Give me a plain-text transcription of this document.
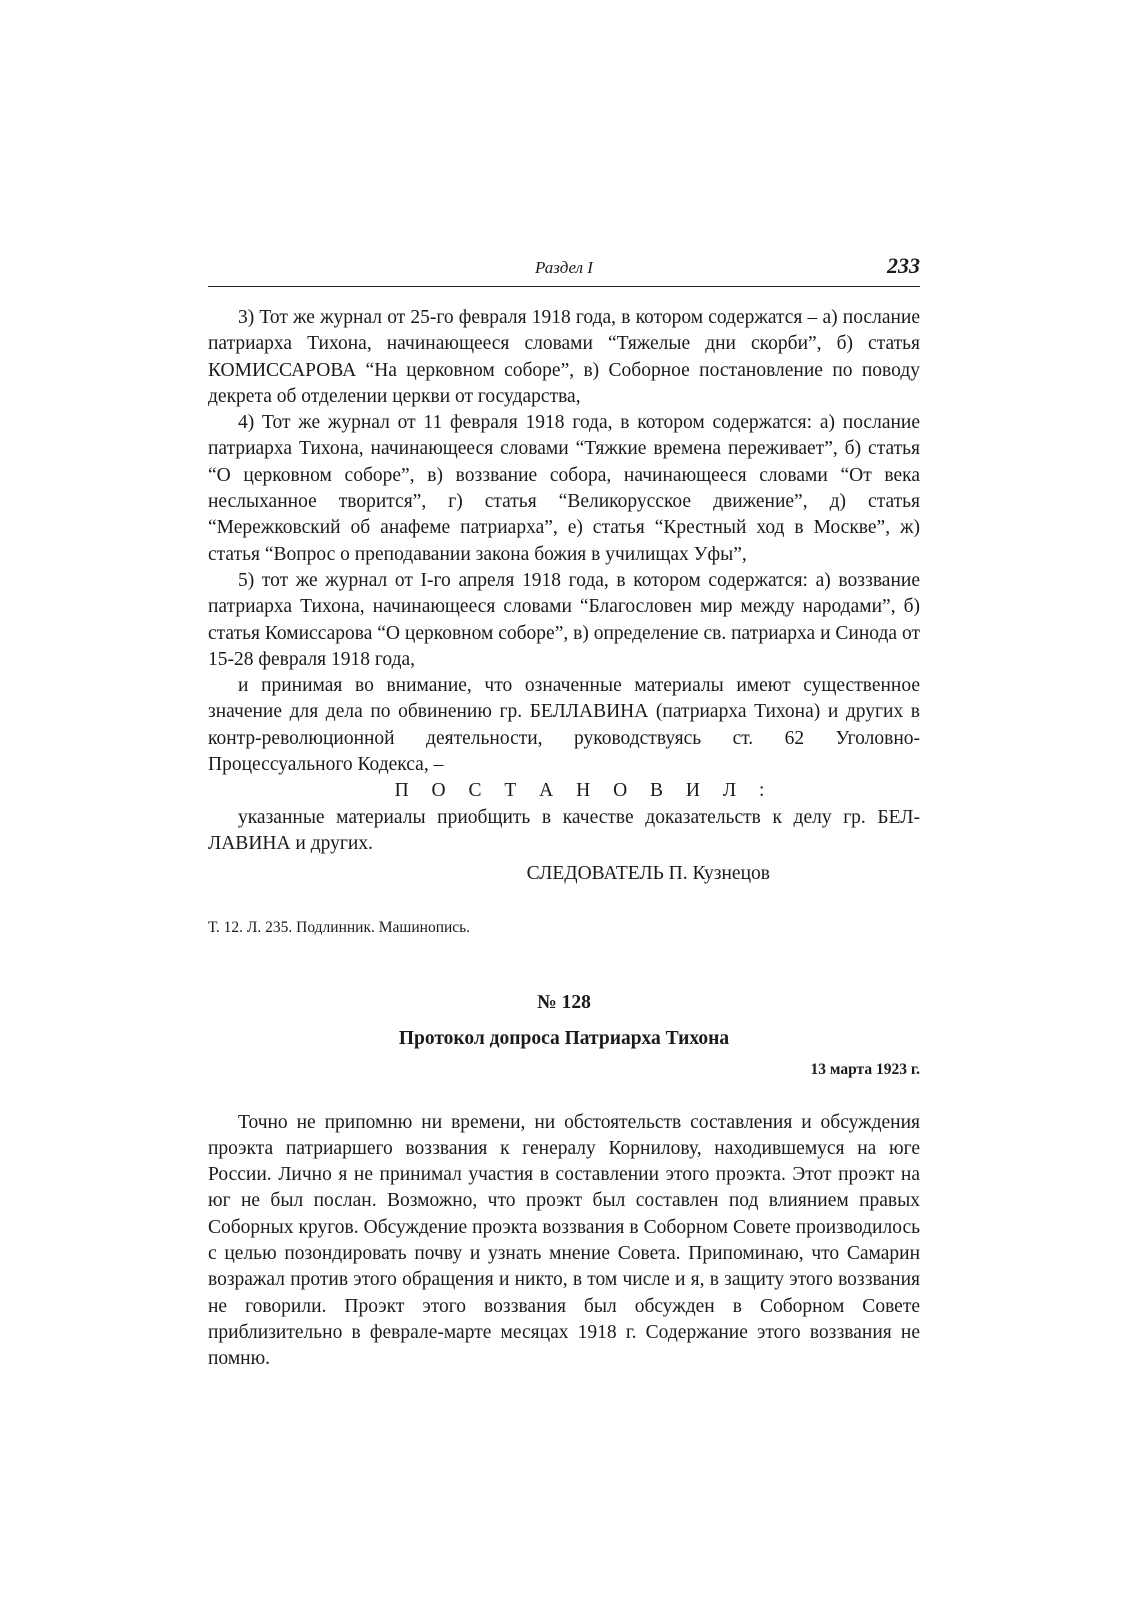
Раздел I	233

3) Тот же журнал от 25-го февраля 1918 года, в котором содержатся – а) послание патриарха Тихона, начинающееся словами “Тяжелые дни скорби”, б) статья КОМИССАРОВА “На церковном соборе”, в) Соборное постановление по поводу декрета об отделении церкви от государства,

4) Тот же журнал от 11 февраля 1918 года, в котором содержатся: а) послание патриарха Тихона, начинающееся словами “Тяжкие времена переживает”, б) статья “О церковном соборе”, в) воззвание собора, начинающееся словами “От века неслыханное творится”, г) статья “Великорусское движение”, д) статья “Мережковский об анафеме патриарха”, е) статья “Крестный ход в Москве”, ж) статья “Вопрос о преподавании закона божия в училищах Уфы”,

5) тот же журнал от I-го апреля 1918 года, в котором содержатся: а) воззвание патриарха Тихона, начинающееся словами “Благословен мир между народами”, б) статья Комиссарова “О церковном соборе”, в) определение св. патриарха и Синода от 15-28 февраля 1918 года,

и принимая во внимание, что означенные материалы имеют существенное значение для дела по обвинению гр. БЕЛЛАВИНА (патриарха Тихона) и других в контр-революционной деятельности, руководствуясь ст. 62 Уголовно-Процессуального Кодекса, –

П О С Т А Н О В И Л :

указанные материалы приобщить в качестве доказательств к делу гр. БЕЛЛАВИНА и других.

СЛЕДОВАТЕЛЬ П. Кузнецов
Т. 12. Л. 235. Подлинник. Машинопись.
№ 128
Протокол допроса Патриарха Тихона
13 марта 1923 г.

Точно не припомню ни времени, ни обстоятельств составления и обсуждения проэкта патриаршего воззвания к генералу Корнилову, находившемуся на юге России. Лично я не принимал участия в составлении этого проэкта. Этот проэкт на юг не был послан. Возможно, что проэкт был составлен под влиянием правых Соборных кругов. Обсуждение проэкта воззвания в Соборном Совете производилось с целью позондировать почву и узнать мнение Совета. Припоминаю, что Самарин возражал против этого обращения и никто, в том числе и я, в защиту этого воззвания не говорили. Проэкт этого воззвания был обсужден в Соборном Совете приблизительно в феврале-марте месяцах 1918 г. Содержание этого воззвания не помню.
